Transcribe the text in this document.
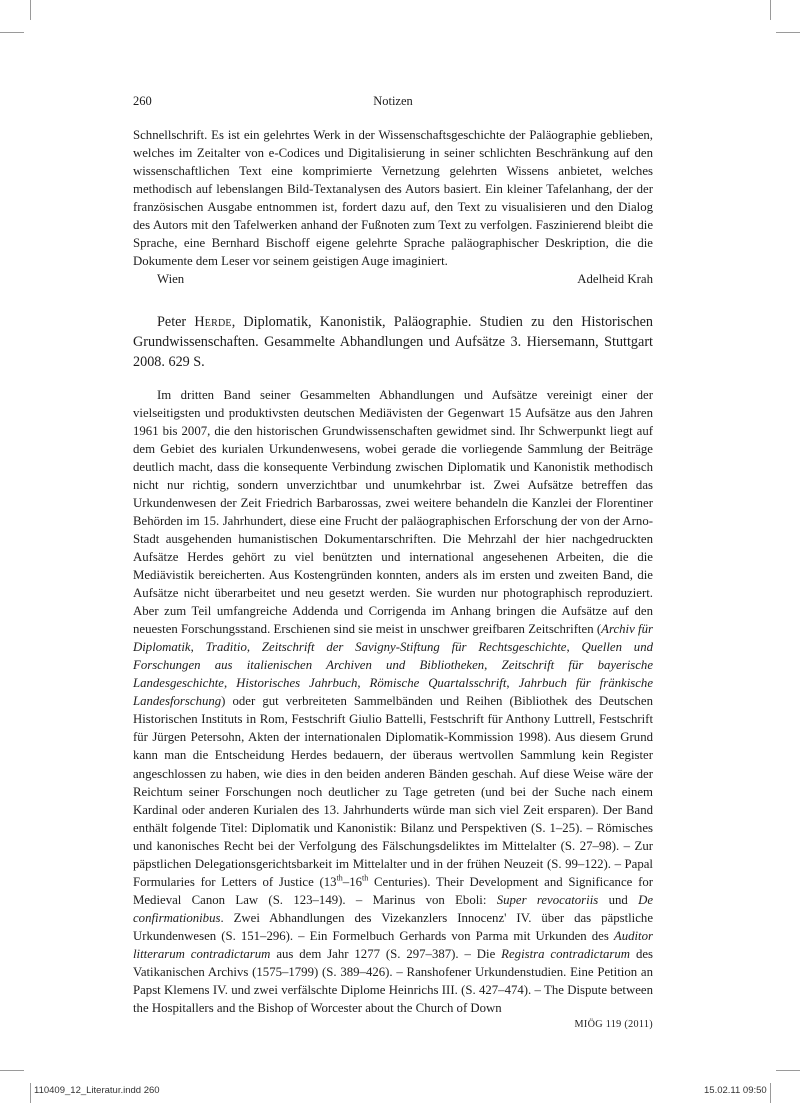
260	Notizen

Schnellschrift. Es ist ein gelehrtes Werk in der Wissenschaftsgeschichte der Paläographie geblieben, welches im Zeitalter von e-Codices und Digitalisierung in seiner schlichten Beschränkung auf den wissenschaftlichen Text eine komprimierte Vernetzung gelehrten Wissens anbietet, welches methodisch auf lebenslangen Bild-Textanalysen des Autors basiert. Ein kleiner Tafelanhang, der der französischen Ausgabe entnommen ist, fordert dazu auf, den Text zu visualisieren und den Dialog des Autors mit den Tafelwerken anhand der Fußnoten zum Text zu verfolgen. Faszinierend bleibt die Sprache, eine Bernhard Bischoff eigene gelehrte Sprache paläographischer Deskription, die die Dokumente dem Leser vor seinem geistigen Auge imaginiert.

Wien	Adelheid Krah

Peter Herde, Diplomatik, Kanonistik, Paläographie. Studien zu den Historischen Grundwissenschaften. Gesammelte Abhandlungen und Aufsätze 3. Hiersemann, Stuttgart 2008. 629 S.

Im dritten Band seiner Gesammelten Abhandlungen und Aufsätze vereinigt einer der vielseitigsten und produktivsten deutschen Mediävisten der Gegenwart 15 Aufsätze aus den Jahren 1961 bis 2007, die den historischen Grundwissenschaften gewidmet sind. Ihr Schwerpunkt liegt auf dem Gebiet des kurialen Urkundenwesens, wobei gerade die vorliegende Sammlung der Beiträge deutlich macht, dass die konsequente Verbindung zwischen Diplomatik und Kanonistik methodisch nicht nur richtig, sondern unverzichtbar und unumkehrbar ist. Zwei Aufsätze betreffen das Urkundenwesen der Zeit Friedrich Barbarossas, zwei weitere behandeln die Kanzlei der Florentiner Behörden im 15. Jahrhundert, diese eine Frucht der paläographischen Erforschung der von der Arno-Stadt ausgehenden humanistischen Dokumentarschriften. Die Mehrzahl der hier nachgedruckten Aufsätze Herdes gehört zu viel benützten und international angesehenen Arbeiten, die die Mediävistik bereicherten. Aus Kostengründen konnten, anders als im ersten und zweiten Band, die Aufsätze nicht überarbeitet und neu gesetzt werden. Sie wurden nur photographisch reproduziert. Aber zum Teil umfangreiche Addenda und Corrigenda im Anhang bringen die Aufsätze auf den neuesten Forschungsstand. Erschienen sind sie meist in unschwer greifbaren Zeitschriften (Archiv für Diplomatik, Traditio, Zeitschrift der Savigny-Stiftung für Rechtsgeschichte, Quellen und Forschungen aus italienischen Archiven und Bibliotheken, Zeitschrift für bayerische Landesgeschichte, Historisches Jahrbuch, Römische Quartalsschrift, Jahrbuch für fränkische Landesforschung) oder gut verbreiteten Sammelbänden und Reihen (Bibliothek des Deutschen Historischen Instituts in Rom, Festschrift Giulio Battelli, Festschrift für Anthony Luttrell, Festschrift für Jürgen Petersohn, Akten der internationalen Diplomatik-Kommission 1998). Aus diesem Grund kann man die Entscheidung Herdes bedauern, der überaus wertvollen Sammlung kein Register angeschlossen zu haben, wie dies in den beiden anderen Bänden geschah. Auf diese Weise wäre der Reichtum seiner Forschungen noch deutlicher zu Tage getreten (und bei der Suche nach einem Kardinal oder anderen Kurialen des 13. Jahrhunderts würde man sich viel Zeit ersparen). Der Band enthält folgende Titel: Diplomatik und Kanonistik: Bilanz und Perspektiven (S. 1–25). – Römisches und kanonisches Recht bei der Verfolgung des Fälschungsdeliktes im Mittelalter (S. 27–98). – Zur päpstlichen Delegationsgerichtsbarkeit im Mittelalter und in der frühen Neuzeit (S. 99–122). – Papal Formularies for Letters of Justice (13th–16th Centuries). Their Development and Significance for Medieval Canon Law (S. 123–149). – Marinus von Eboli: Super revocatoriis und De confirmationibus. Zwei Abhandlungen des Vizekanzlers Innocenz' IV. über das päpstliche Urkundenwesen (S. 151–296). – Ein Formelbuch Gerhards von Parma mit Urkunden des Auditor litterarum contradictarum aus dem Jahr 1277 (S. 297–387). – Die Registra contradictarum des Vatikanischen Archivs (1575–1799) (S. 389–426). – Ranshofener Urkundenstudien. Eine Petition an Papst Klemens IV. und zwei verfälschte Diplome Heinrichs III. (S. 427–474). – The Dispute between the Hospitallers and the Bishop of Worcester about the Church of Down

MIÖG 119 (2011)
110409_12_Literatur.indd 260	15.02.11 09:50
